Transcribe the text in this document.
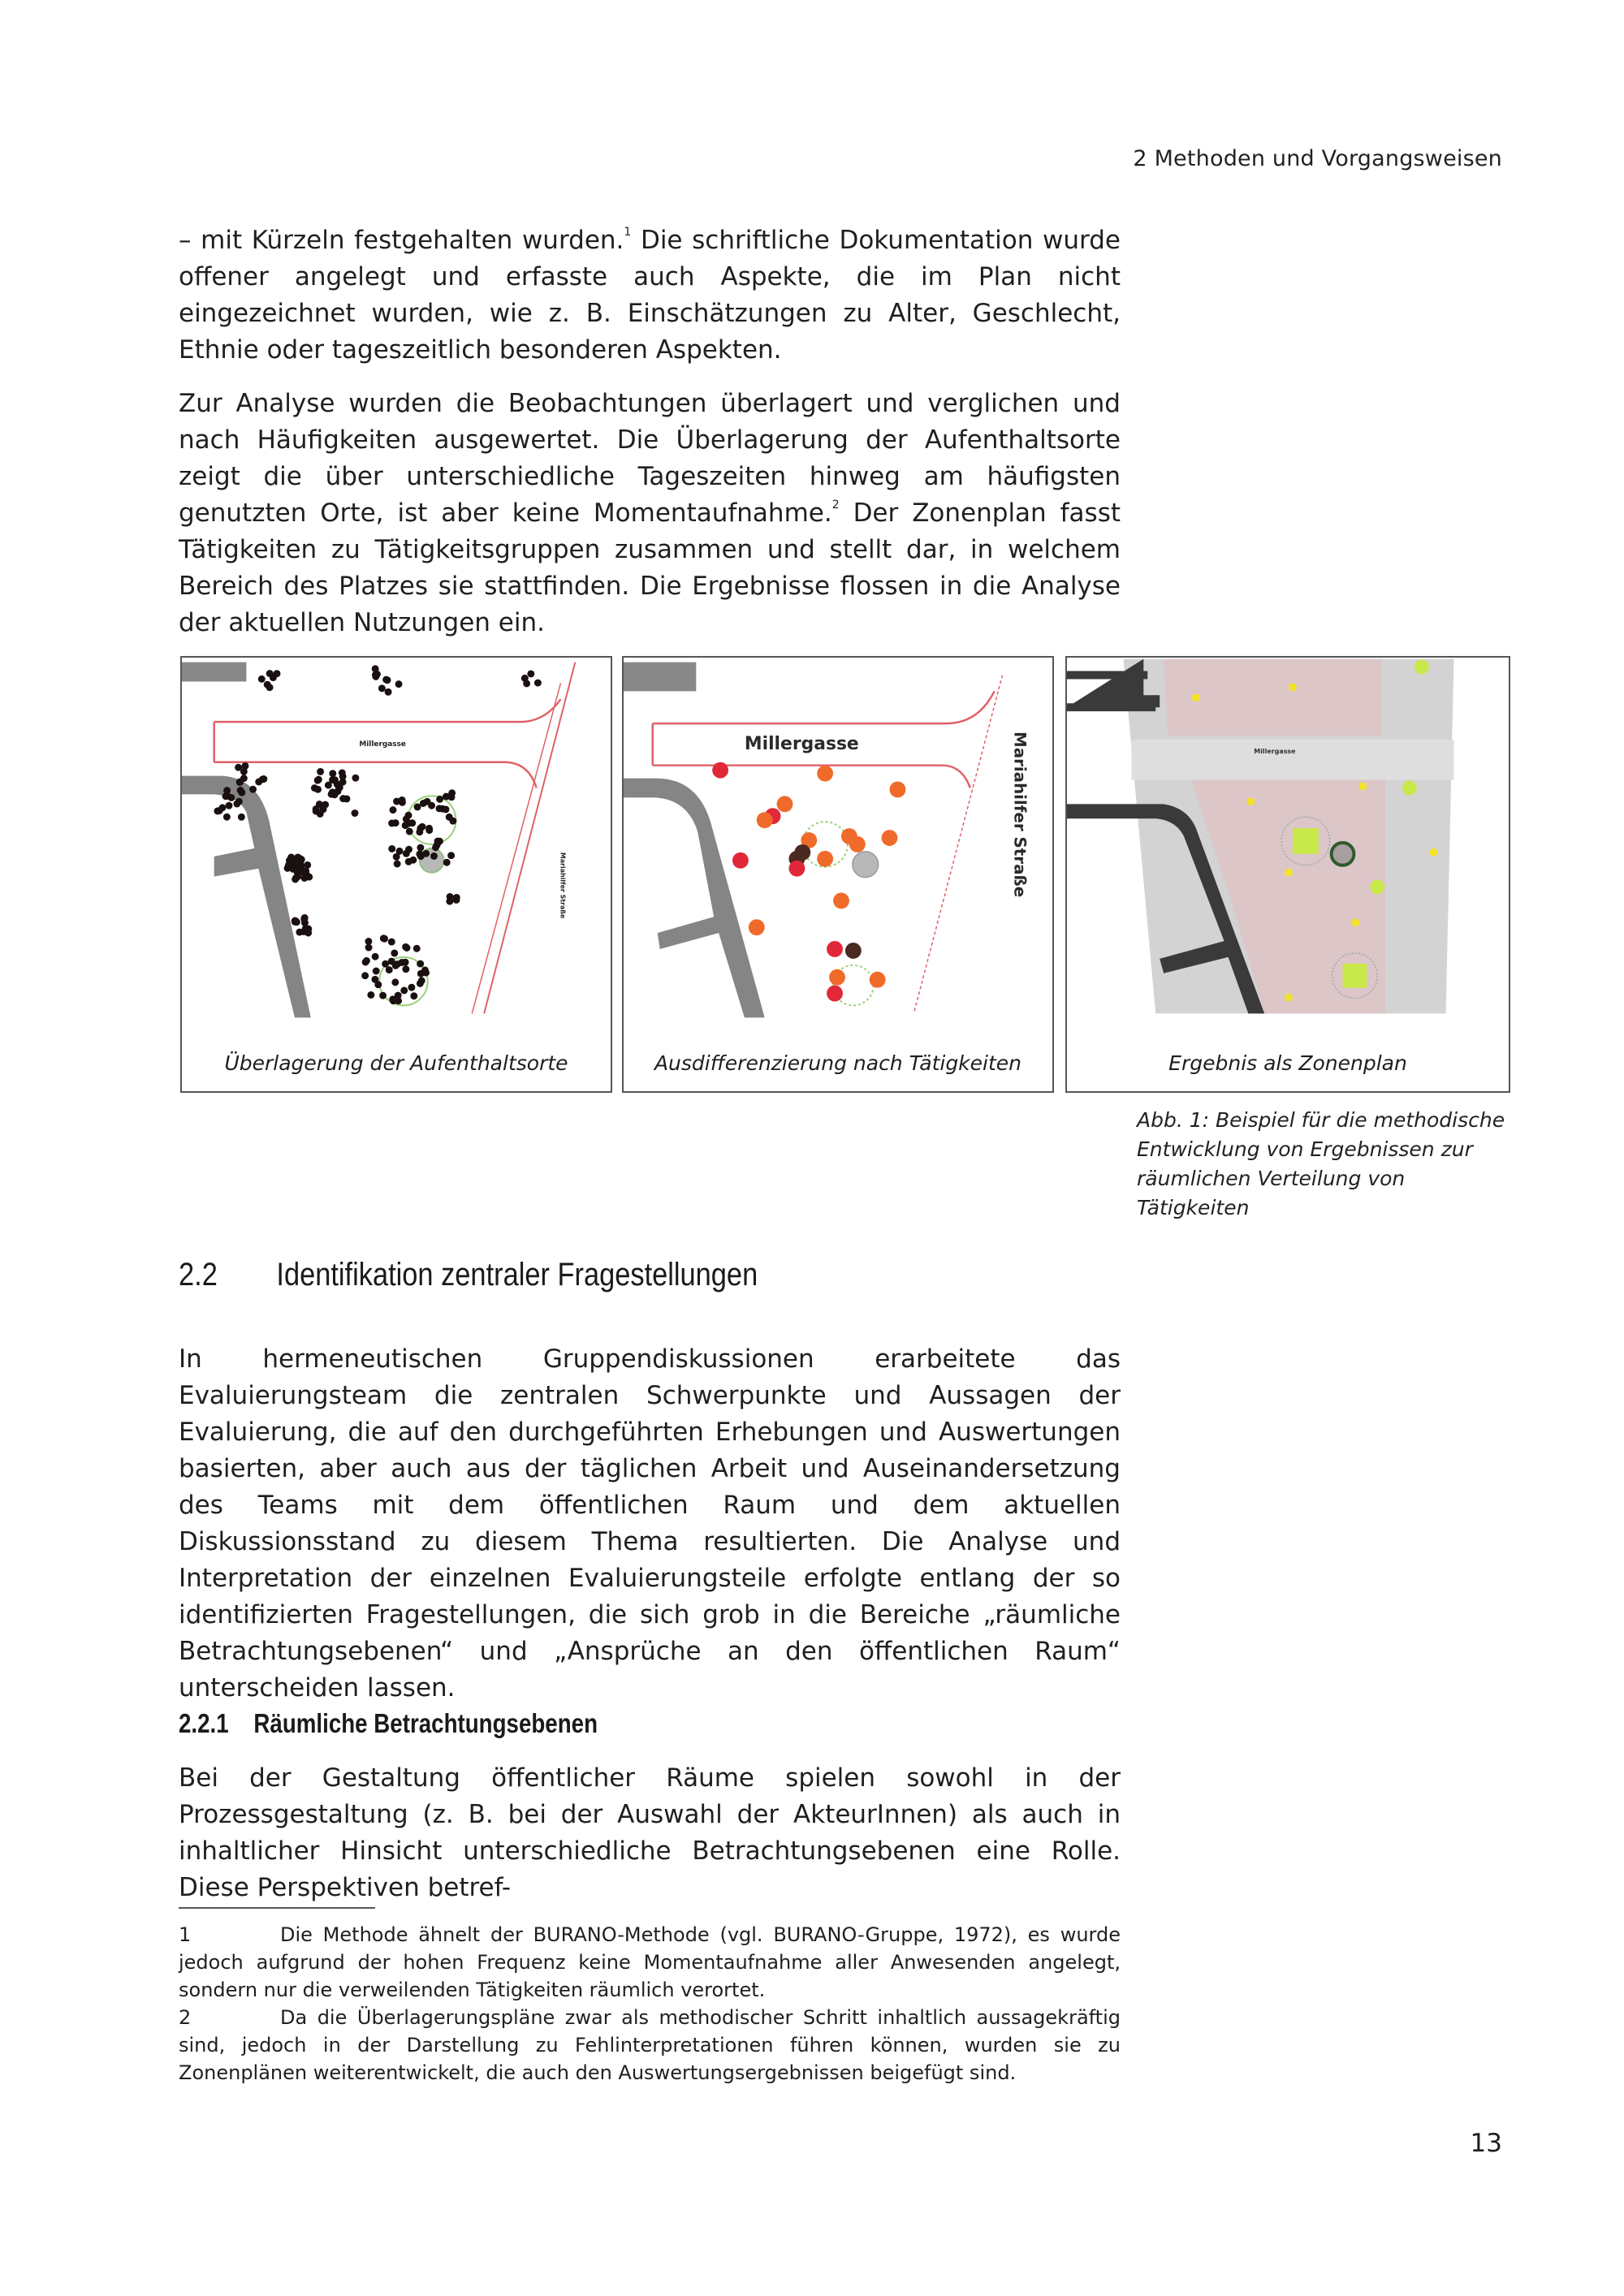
2 Methoden und Vorgangsweisen

– mit Kürzeln festgehalten wurden.$^1$ Die schriftliche Dokumentation wurde offener angelegt und erfasste auch Aspekte, die im Plan nicht eingezeichnet wurden, wie z. B. Einschätzungen zu Alter, Geschlecht, Ethnie oder tageszeitlich besonderen Aspekten.

Zur Analyse wurden die Beobachtungen überlagert und verglichen und nach Häufigkeiten ausgewertet. Die Überlagerung der Aufenthaltsorte zeigt die über unterschiedliche Tageszeiten hinweg am häufigsten genutzten Orte, ist aber keine Momentaufnahme.$^2$ Der Zonenplan fasst Tätigkeiten zu Tätigkeitsgruppen zusammen und stellt dar, in welchem Bereich des Platzes sie stattfinden. Die Ergebnisse flossen in die Analyse der aktuellen Nutzungen ein.

Millergasse
Mariahilfer Straße
Überlagerung der Aufenthaltsorte
Millergasse	Mariahilfer Straße
Ausdifferenzierung nach Tätigkeiten
Millergasse
Ergebnis als Zonenplan
Abb. 1: Beispiel für die methodische Entwicklung von Ergebnissen zur räumlichen Verteilung von Tätigkeiten
2.2 Identifikation zentraler Fragestellungen

In hermeneutischen Gruppendiskussionen erarbeitete das Evaluierungsteam die zentralen Schwerpunkte und Aussagen der Evaluierung, die auf den durchgeführten Erhebungen und Auswertungen basierten, aber auch aus der täglichen Arbeit und Auseinandersetzung des Teams mit dem öffentlichen Raum und dem aktuellen Diskussionsstand zu diesem Thema resultierten. Die Analyse und Interpretation der einzelnen Evaluierungsteile erfolgte entlang der so identifizierten Fragestellungen, die sich grob in die Bereiche „räumliche Betrachtungsebenen“ und „Ansprüche an den öffentlichen Raum“ unterscheiden lassen.

2.2.1 Räumliche Betrachtungsebenen

Bei der Gestaltung öffentlicher Räume spielen sowohl in der Prozessgestaltung (z. B. bei der Auswahl der AkteurInnen) als auch in inhaltlicher Hinsicht unterschiedliche Betrachtungsebenen eine Rolle. Diese Perspektiven betref-

1	Die Methode ähnelt der BURANO-Methode (vgl. BURANO-Gruppe, 1972), es wurde jedoch aufgrund der hohen Frequenz keine Momentaufnahme aller Anwesenden angelegt, sondern nur die verweilenden Tätigkeiten räumlich verortet.

2	Da die Überlagerungspläne zwar als methodischer Schritt inhaltlich aussagekräftig sind, jedoch in der Darstellung zu Fehlinterpretationen führen können, wurden sie zu Zonenplänen weiterentwickelt, die auch den Auswertungsergebnissen beigefügt sind.

13
